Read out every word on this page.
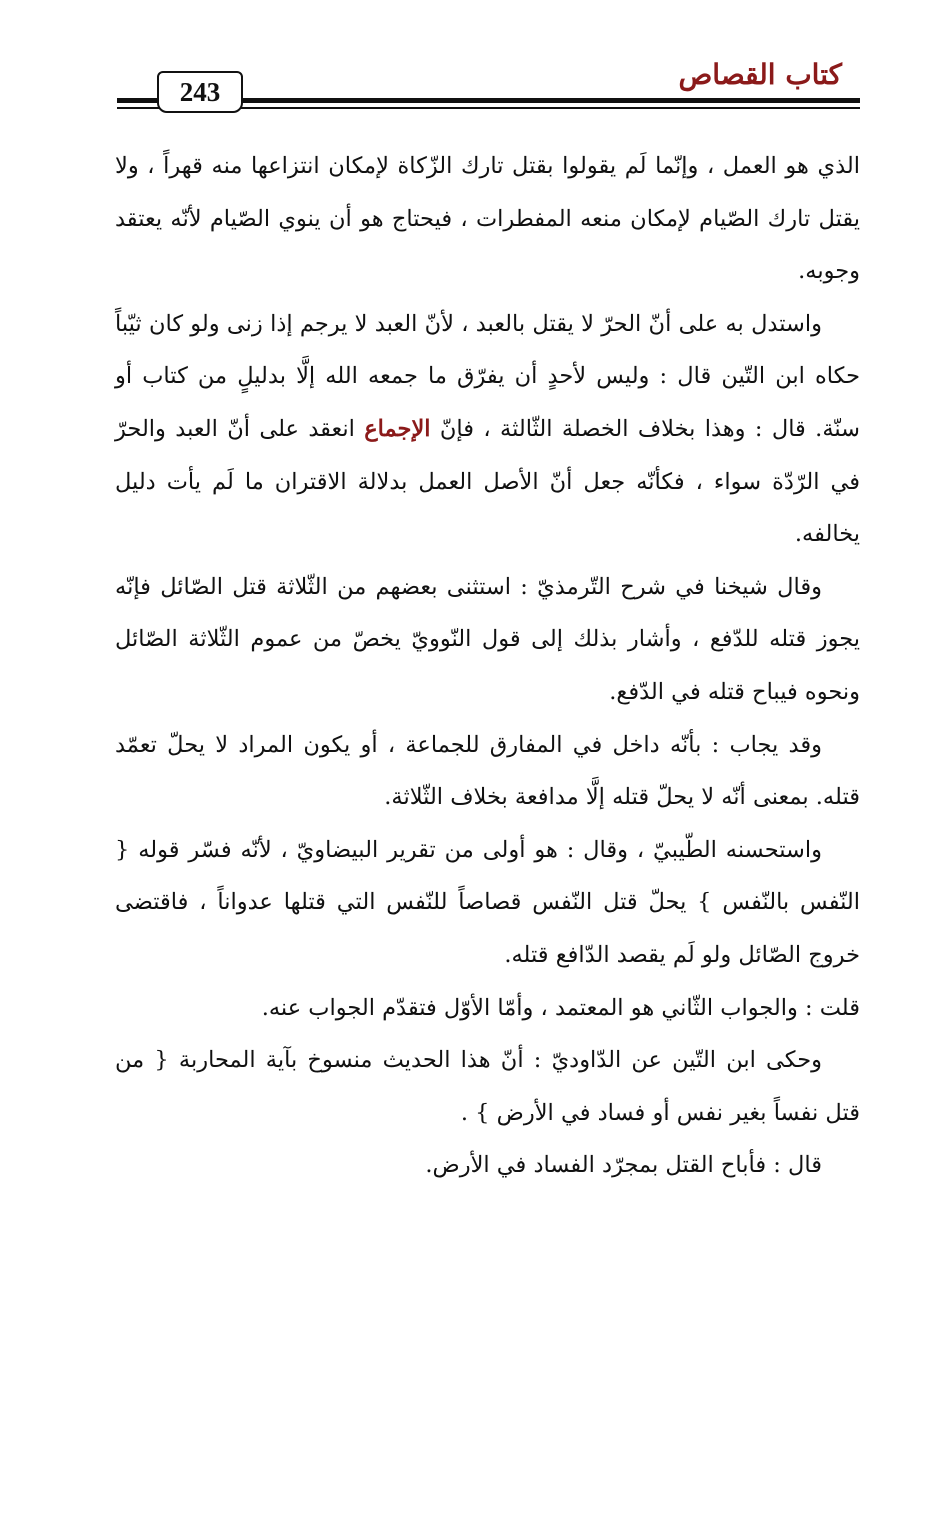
كتاب القصاص
243

الذي هو العمل ، وإنّما لَم يقولوا بقتل تارك الزّكاة لإمكان انتزاعها منه قهراً ، ولا يقتل تارك الصّيام لإمكان منعه المفطرات ، فيحتاج هو أن ينوي الصّيام لأنّه يعتقد وجوبه.

واستدل به على أنّ الحرّ لا يقتل بالعبد ، لأنّ العبد لا يرجم إذا زنى ولو كان ثيّباً حكاه ابن التّين قال : وليس لأحدٍ أن يفرّق ما جمعه الله إلَّا بدليلٍ من كتاب أو سنّة. قال : وهذا بخلاف الخصلة الثّالثة ، فإنّ الإجماع انعقد على أنّ العبد والحرّ في الرّدّة سواء ، فكأنّه جعل أنّ الأصل العمل بدلالة الاقتران ما لَم يأت دليل يخالفه.

وقال شيخنا في شرح التّرمذيّ : استثنى بعضهم من الثّلاثة قتل الصّائل فإنّه يجوز قتله للدّفع ، وأشار بذلك إلى قول النّوويّ يخصّ من عموم الثّلاثة الصّائل ونحوه فيباح قتله في الدّفع.

وقد يجاب : بأنّه داخل في المفارق للجماعة ، أو يكون المراد لا يحلّ تعمّد قتله. بمعنى أنّه لا يحلّ قتله إلَّا مدافعة بخلاف الثّلاثة.

واستحسنه الطّيبيّ ، وقال : هو أولى من تقرير البيضاويّ ، لأنّه فسّر قوله { النّفس بالنّفس } يحلّ قتل النّفس قصاصاً للنّفس التي قتلها عدواناً ، فاقتضى خروج الصّائل ولو لَم يقصد الدّافع قتله.

قلت : والجواب الثّاني هو المعتمد ، وأمّا الأوّل فتقدّم الجواب عنه.

وحكى ابن التّين عن الدّاوديّ : أنّ هذا الحديث منسوخ بآية المحاربة { من قتل نفساً بغير نفس أو فساد في الأرض } .

قال : فأباح القتل بمجرّد الفساد في الأرض.
